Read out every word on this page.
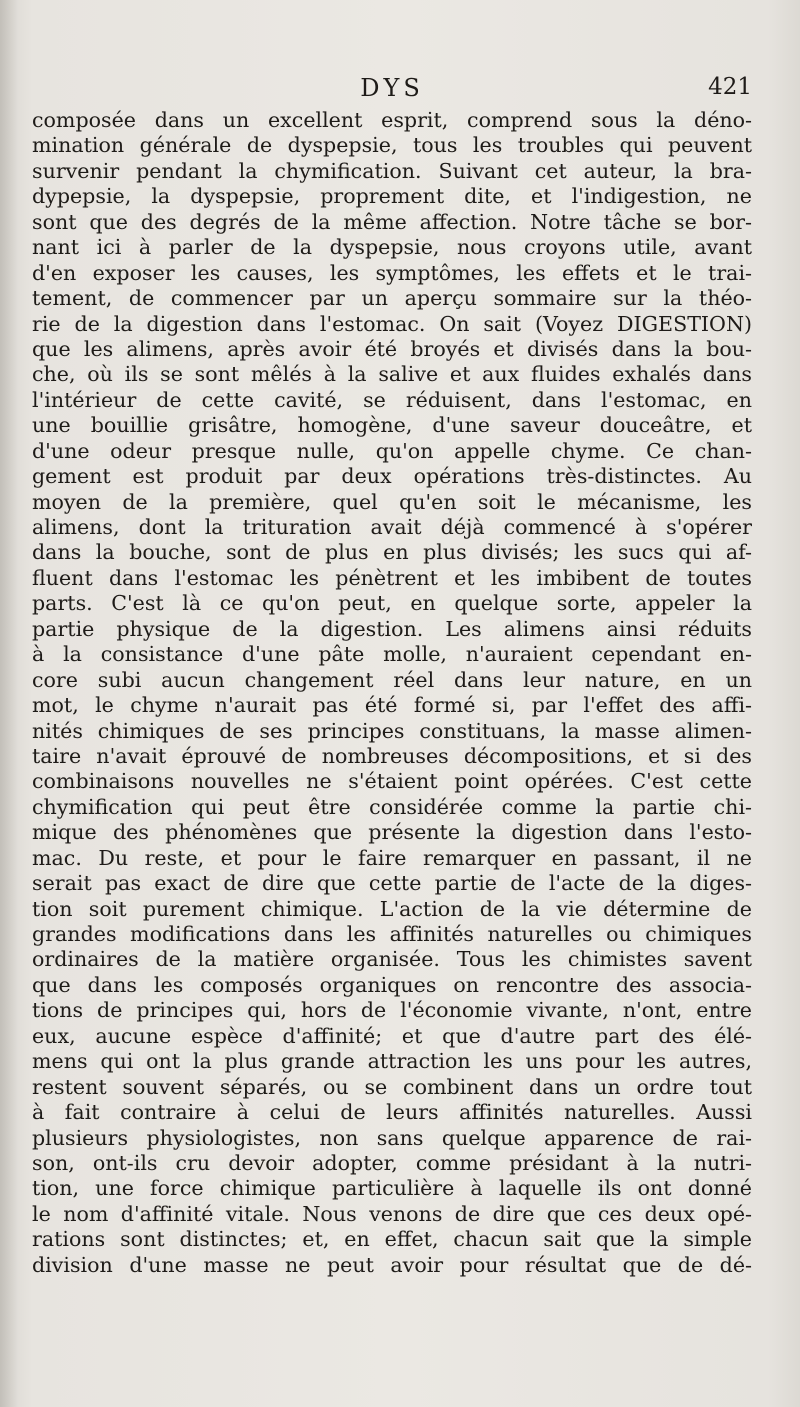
DYS	421
composée dans un excellent esprit, comprend sous la déno-
mination générale de dyspepsie, tous les troubles qui peuvent
survenir pendant la chymification. Suivant cet auteur, la bra-
dypepsie, la dyspepsie, proprement dite, et l'indigestion, ne
sont que des degrés de la même affection. Notre tâche se bor-
nant ici à parler de la dyspepsie, nous croyons utile, avant
d'en exposer les causes, les symptômes, les effets et le trai-
tement, de commencer par un aperçu sommaire sur la théo-
rie de la digestion dans l'estomac. On sait (Voyez DIGESTION)
que les alimens, après avoir été broyés et divisés dans la bou-
che, où ils se sont mêlés à la salive et aux fluides exhalés dans
l'intérieur de cette cavité, se réduisent, dans l'estomac, en
une bouillie grisâtre, homogène, d'une saveur douceâtre, et
d'une odeur presque nulle, qu'on appelle chyme. Ce chan-
gement est produit par deux opérations très-distinctes. Au
moyen de la première, quel qu'en soit le mécanisme, les
alimens, dont la trituration avait déjà commencé à s'opérer
dans la bouche, sont de plus en plus divisés; les sucs qui af-
fluent dans l'estomac les pénètrent et les imbibent de toutes
parts. C'est là ce qu'on peut, en quelque sorte, appeler la
partie physique de la digestion. Les alimens ainsi réduits
à la consistance d'une pâte molle, n'auraient cependant en-
core subi aucun changement réel dans leur nature, en un
mot, le chyme n'aurait pas été formé si, par l'effet des affi-
nités chimiques de ses principes constituans, la masse alimen-
taire n'avait éprouvé de nombreuses décompositions, et si des
combinaisons nouvelles ne s'étaient point opérées. C'est cette
chymification qui peut être considérée comme la partie chi-
mique des phénomènes que présente la digestion dans l'esto-
mac. Du reste, et pour le faire remarquer en passant, il ne
serait pas exact de dire que cette partie de l'acte de la diges-
tion soit purement chimique. L'action de la vie détermine de
grandes modifications dans les affinités naturelles ou chimiques
ordinaires de la matière organisée. Tous les chimistes savent
que dans les composés organiques on rencontre des associa-
tions de principes qui, hors de l'économie vivante, n'ont, entre
eux, aucune espèce d'affinité; et que d'autre part des élé-
mens qui ont la plus grande attraction les uns pour les autres,
restent souvent séparés, ou se combinent dans un ordre tout
à fait contraire à celui de leurs affinités naturelles. Aussi
plusieurs physiologistes, non sans quelque apparence de rai-
son, ont-ils cru devoir adopter, comme présidant à la nutri-
tion, une force chimique particulière à laquelle ils ont donné
le nom d'affinité vitale. Nous venons de dire que ces deux opé-
rations sont distinctes; et, en effet, chacun sait que la simple
division d'une masse ne peut avoir pour résultat que de dé-
